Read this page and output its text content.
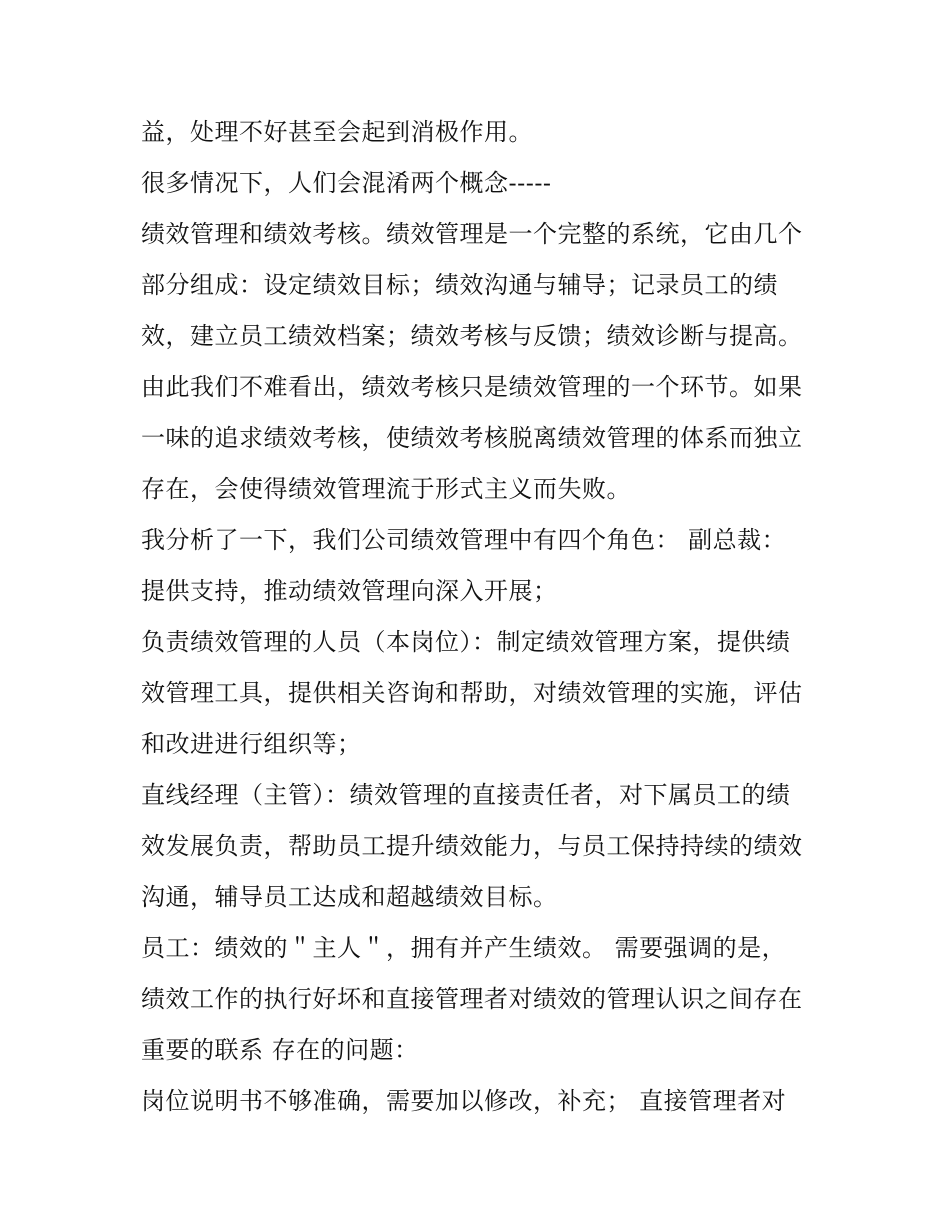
益，处理不好甚至会起到消极作用。
很多情况下，人们会混淆两个概念-----
绩效管理和绩效考核。绩效管理是一个完整的系统，它由几个
部分组成：设定绩效目标；绩效沟通与辅导；记录员工的绩
效，建立员工绩效档案；绩效考核与反馈；绩效诊断与提高。
由此我们不难看出，绩效考核只是绩效管理的一个环节。如果
一味的追求绩效考核，使绩效考核脱离绩效管理的体系而独立
存在，会使得绩效管理流于形式主义而失败。
我分析了一下，我们公司绩效管理中有四个角色： 副总裁：
提供支持，推动绩效管理向深入开展；
负责绩效管理的人员（本岗位）：制定绩效管理方案，提供绩
效管理工具，提供相关咨询和帮助，对绩效管理的实施，评估
和改进进行组织等；
直线经理（主管）：绩效管理的直接责任者，对下属员工的绩
效发展负责，帮助员工提升绩效能力，与员工保持持续的绩效
沟通，辅导员工达成和超越绩效目标。
员工：绩效的＂主人＂，拥有并产生绩效。 需要强调的是，
绩效工作的执行好坏和直接管理者对绩效的管理认识之间存在
重要的联系 存在的问题：
岗位说明书不够准确，需要加以修改，补充； 直接管理者对
